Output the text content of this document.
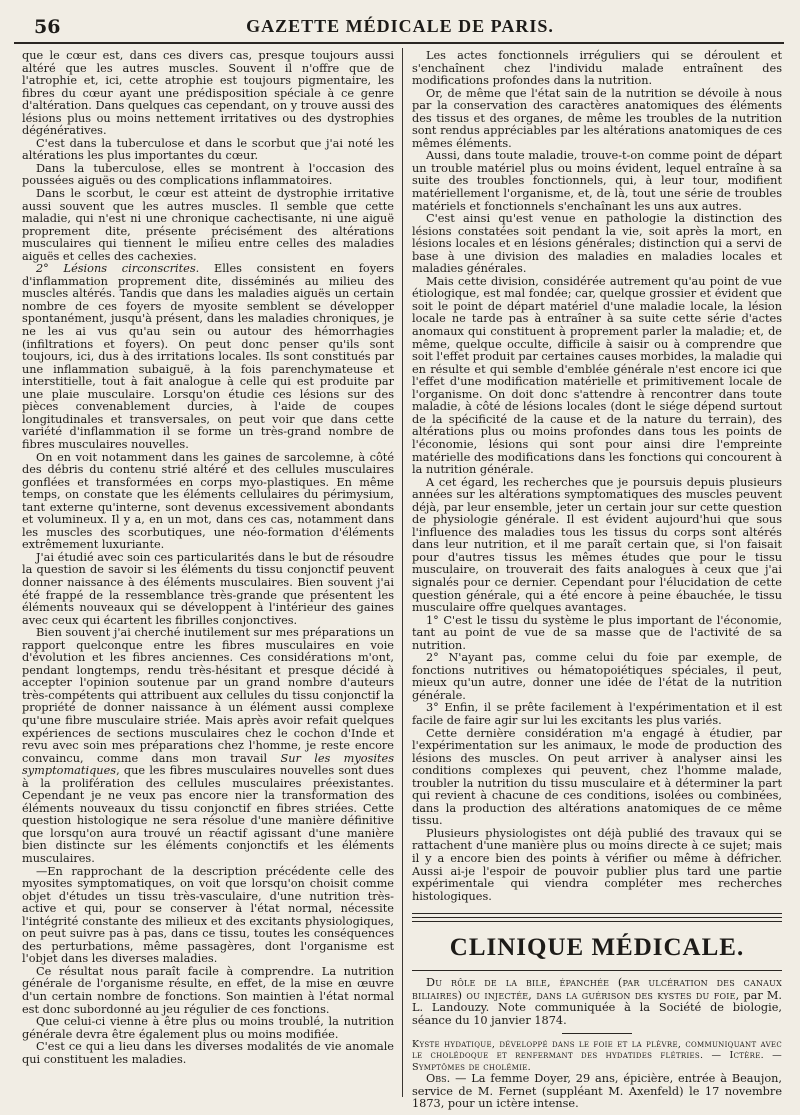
56	GAZETTE MÉDICALE DE PARIS.

que le cœur est, dans ces divers cas, presque toujours aussi altéré que les autres muscles. Souvent il n'offre que de l'atrophie et, ici, cette atrophie est toujours pigmentaire, les fibres du cœur ayant une prédisposition spéciale à ce genre d'altération. Dans quelques cas cependant, on y trouve aussi des lésions plus ou moins nettement irritatives ou des dystrophies dégénératives.

C'est dans la tuberculose et dans le scorbut que j'ai noté les altérations les plus importantes du cœur.

Dans la tuberculose, elles se montrent à l'occasion des poussées aiguës ou des complications inflammatoires.

Dans le scorbut, le cœur est atteint de dystrophie irritative aussi souvent que les autres muscles. Il semble que cette maladie, qui n'est ni une chronique cachectisante, ni une aiguë proprement dite, présente précisément des altérations musculaires qui tiennent le milieu entre celles des maladies aiguës et celles des cachexies.

2° Lésions circonscrites. Elles consistent en foyers d'inflammation proprement dite, disséminés au milieu des muscles altérés. Tandis que dans les maladies aiguës un certain nombre de ces foyers de myosite semblent se développer spontanément, jusqu'à présent, dans les maladies chroniques, je ne les ai vus qu'au sein ou autour des hémorrhagies (infiltrations et foyers). On peut donc penser qu'ils sont toujours, ici, dus à des irritations locales. Ils sont constitués par une inflammation subaiguë, à la fois parenchymateuse et interstitielle, tout à fait analogue à celle qui est produite par une plaie musculaire. Lorsqu'on étudie ces lésions sur des pièces convenablement durcies, à l'aide de coupes longitudinales et transversales, on peut voir que dans cette variété d'inflammation il se forme un très-grand nombre de fibres musculaires nouvelles.

On en voit notamment dans les gaines de sarcolemne, à côté des débris du contenu strié altéré et des cellules musculaires gonflées et transformées en corps myo-plastiques. En même temps, on constate que les éléments cellulaires du périmysium, tant externe qu'interne, sont devenus excessivement abondants et volumineux. Il y a, en un mot, dans ces cas, notamment dans les muscles des scorbutiques, une néo-formation d'éléments extrêmement luxuriante.

J'ai étudié avec soin ces particularités dans le but de résoudre la question de savoir si les éléments du tissu conjonctif peuvent donner naissance à des éléments musculaires. Bien souvent j'ai été frappé de la ressemblance très-grande que présentent les éléments nouveaux qui se développent à l'intérieur des gaines avec ceux qui écartent les fibrilles conjonctives.

Bien souvent j'ai cherché inutilement sur mes préparations un rapport quelconque entre les fibres musculaires en voie d'évolution et les fibres anciennes. Ces considérations m'ont, pendant longtemps, rendu très-hésitant et presque décidé à accepter l'opinion soutenue par un grand nombre d'auteurs très-compétents qui attribuent aux cellules du tissu conjonctif la propriété de donner naissance à un élément aussi complexe qu'une fibre musculaire striée. Mais après avoir refait quelques expériences de sections musculaires chez le cochon d'Inde et revu avec soin mes préparations chez l'homme, je reste encore convaincu, comme dans mon travail Sur les myosites symptomatiques, que les fibres musculaires nouvelles sont dues à la prolifération des cellules musculaires préexistantes. Cependant je ne veux pas encore nier la transformation des éléments nouveaux du tissu conjonctif en fibres striées. Cette question histologique ne sera résolue d'une manière définitive que lorsqu'on aura trouvé un réactif agissant d'une manière bien distincte sur les éléments conjonctifs et les éléments musculaires.

—En rapprochant de la description précédente celle des myosites symptomatiques, on voit que lorsqu'on choisit comme objet d'études un tissu très-vasculaire, d'une nutrition très-active et qui, pour se conserver à l'état normal, nécessite l'intégrité constante des milieux et des excitants physiologiques, on peut suivre pas à pas, dans ce tissu, toutes les conséquences des perturbations, même passagères, dont l'organisme est l'objet dans les diverses maladies.

Ce résultat nous paraît facile à comprendre. La nutrition générale de l'organisme résulte, en effet, de la mise en œuvre d'un certain nombre de fonctions. Son maintien à l'état normal est donc subordonné au jeu régulier de ces fonctions.

Que celui-ci vienne à être plus ou moins troublé, la nutrition générale devra être également plus ou moins modifiée.

C'est ce qui a lieu dans les diverses modalités de vie anomale qui constituent les maladies.

Les actes fonctionnels irréguliers qui se déroulent et s'enchaînent chez l'individu malade entraînent des modifications profondes dans la nutrition.

Or, de même que l'état sain de la nutrition se dévoile à nous par la conservation des caractères anatomiques des éléments des tissus et des organes, de même les troubles de la nutrition sont rendus appréciables par les altérations anatomiques de ces mêmes éléments.

Aussi, dans toute maladie, trouve-t-on comme point de départ un trouble matériel plus ou moins évident, lequel entraîne à sa suite des troubles fonctionnels, qui, à leur tour, modifient matériellement l'organisme, et, de là, tout une série de troubles matériels et fonctionnels s'enchaînant les uns aux autres.

C'est ainsi qu'est venue en pathologie la distinction des lésions constatées soit pendant la vie, soit après la mort, en lésions locales et en lésions générales; distinction qui a servi de base à une division des maladies en maladies locales et maladies générales.

Mais cette division, considérée autrement qu'au point de vue étiologique, est mal fondée; car, quelque grossier et évident que soit le point de départ matériel d'une maladie locale, la lésion locale ne tarde pas à entraîner à sa suite cette série d'actes anomaux qui constituent à proprement parler la maladie; et, de même, quelque occulte, difficile à saisir ou à comprendre que soit l'effet produit par certaines causes morbides, la maladie qui en résulte et qui semble d'emblée générale n'est encore ici que l'effet d'une modification matérielle et primitivement locale de l'organisme. On doit donc s'attendre à rencontrer dans toute maladie, à côté de lésions locales (dont le siége dépend surtout de la spécificité de la cause et de la nature du terrain), des altérations plus ou moins profondes dans tous les points de l'économie, lésions qui sont pour ainsi dire l'empreinte matérielle des modifications dans les fonctions qui concourent à la nutrition générale.

A cet égard, les recherches que je poursuis depuis plusieurs années sur les altérations symptomatiques des muscles peuvent déjà, par leur ensemble, jeter un certain jour sur cette question de physiologie générale. Il est évident aujourd'hui que sous l'influence des maladies tous les tissus du corps sont altérés dans leur nutrition, et il me paraît certain que, si l'on faisait pour d'autres tissus les mêmes études que pour le tissu musculaire, on trouverait des faits analogues à ceux que j'ai signalés pour ce dernier. Cependant pour l'élucidation de cette question générale, qui a été encore à peine ébauchée, le tissu musculaire offre quelques avantages.

1° C'est le tissu du système le plus important de l'économie, tant au point de vue de sa masse que de l'activité de sa nutrition.

2° N'ayant pas, comme celui du foie par exemple, de fonctions nutritives ou hématopoiétiques spéciales, il peut, mieux qu'un autre, donner une idée de l'état de la nutrition générale.

3° Enfin, il se prête facilement à l'expérimentation et il est facile de faire agir sur lui les excitants les plus variés.

Cette dernière considération m'a engagé à étudier, par l'expérimentation sur les animaux, le mode de production des lésions des muscles. On peut arriver à analyser ainsi les conditions complexes qui peuvent, chez l'homme malade, troubler la nutrition du tissu musculaire et à déterminer la part qui revient à chacune de ces conditions, isolées ou combinées, dans la production des altérations anatomiques de ce même tissu.

Plusieurs physiologistes ont déjà publié des travaux qui se rattachent d'une manière plus ou moins directe à ce sujet; mais il y a encore bien des points à vérifier ou même à défricher. Aussi ai-je l'espoir de pouvoir publier plus tard une partie expérimentale qui viendra compléter mes recherches histologiques.

CLINIQUE MÉDICALE.

Du rôle de la bile, épanchée (par ulcération des canaux biliaires) ou injectée, dans la guérison des kystes du foie, par M. L. Landouzy. Note communiquée à la Société de biologie, séance du 10 janvier 1874.

Kyste hydatique, développé dans le foie et la plèvre, communiquant avec le cholédoque et renfermant des hydatides flétries. — Ictère. — Symptômes de cholémie.

Obs. — La femme Doyer, 29 ans, épicière, entrée à Beaujon, service de M. Fernet (suppléant M. Axenfeld) le 17 novembre 1873, pour un ictère intense.
